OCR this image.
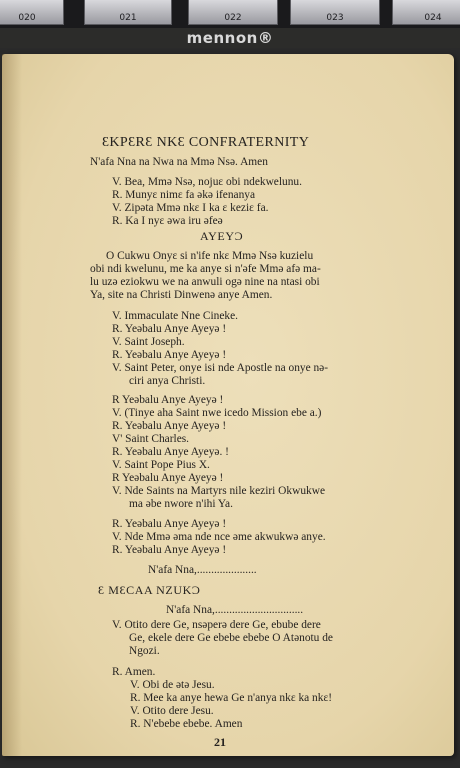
020	021	022	023	024
mennon®
ƐKPƐRƐ NKƐ CONFRATERNITY
N'afa Nna na Nwa na Mmə Nsə. Amen
V. Bea, Mmə Nsə, nojuɛ obi ndekwelunu.
R. Munyɛ nimɛ fa əkə ifenanya
V. Zipəta Mmə nkɛ I ka ɛ keziɛ fa.
R. Ka I nyɛ əwa iru əfeə
AYEYƆ
O Cukwu Onyɛ si n'ife nkɛ Mmə Nsə kuzielu
obi ndi kwelunu, me ka anye si n'əfe Mmə afə ma-
lu uzə eziokwu we na anwuli ogə nine na ntasi obi
Ya, site na Christi Dinwenə anye Amen.
V. Immaculate Nne Cineke.
R. Yeəbalu Anye Ayeyə !
V. Saint Joseph.
R. Yeəbalu Anye Ayeyə !
V. Saint Peter, onye isi nde Apostle na onye nə-
ciri anya Christi.
R Yeəbalu Anye Ayeyə !
V. (Tinye aha Saint nwe icedo Mission ebe a.)
R. Yeəbalu Anye Ayeyə !
V' Saint Charles.
R. Yeəbalu Anye Ayeyə. !
V. Saint Pope Pius X.
R Yeəbalu Anye Ayeyə !
V. Nde Saints na Martyrs nile keziri Okwukwe
ma əbe nwore n'ihi Ya.
R. Yeəbalu Anye Ayeyə !
V. Nde Mmə əma nde nce əme akwukwə anye.
R. Yeəbalu Anye Ayeyə !
N'afa Nna,.....................
Ɛ MƐCAA NZUKƆ
N'afa Nna,...............................
V. Otito dere Ge, nsəperə dere Ge, ebube dere
Ge, ekele dere Ge ebebe ebebe O Atənotu de
Ngozi.
R. Amen.
V. Obi de ətə Jesu.
R. Mee ka anye hewa Ge n'anya nkɛ ka nkɛ!
V. Otito dere Jesu.
R. N'ebebe ebebe. Amen
21
